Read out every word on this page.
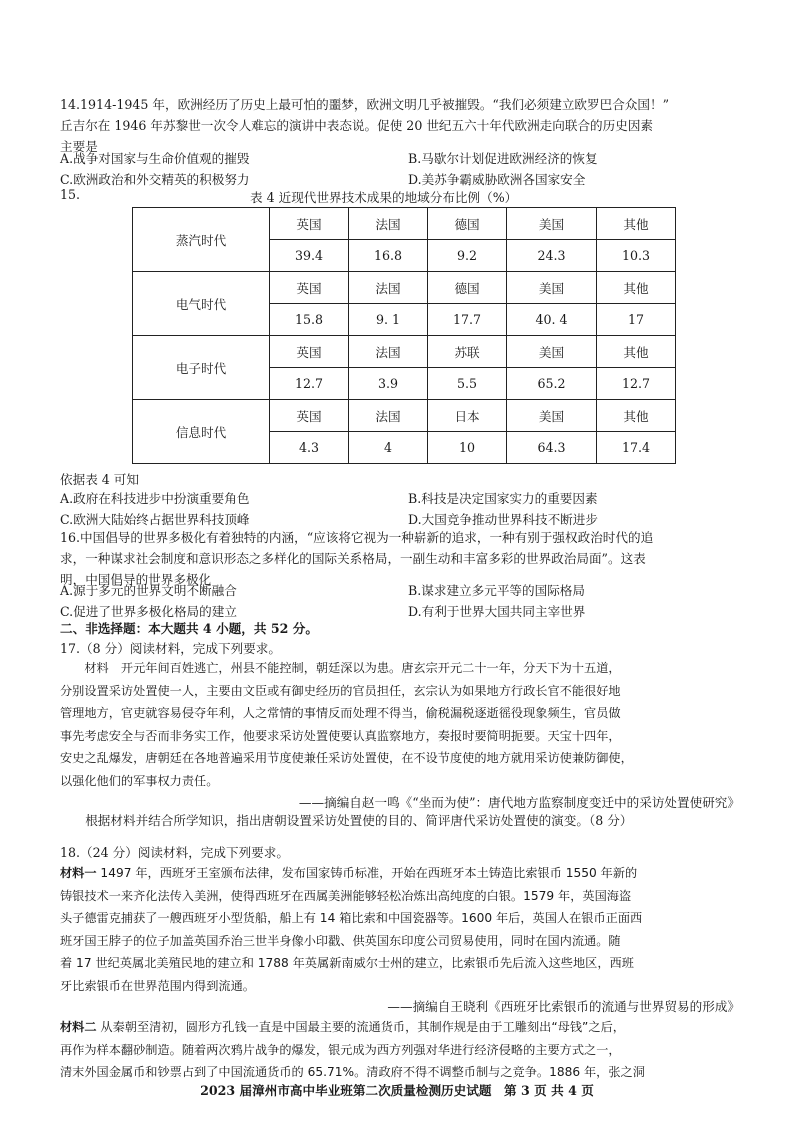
14.1914-1945 年，欧洲经历了历史上最可怕的噩梦，欧洲文明几乎被摧毁。“我们必须建立欧罗巴合众国！”
丘吉尔在 1946 年苏黎世一次令人难忘的演讲中表态说。促使 20 世纪五六十年代欧洲走向联合的历史因素
主要是
A.战争对国家与生命价值观的摧毁	B.马歇尔计划促进欧洲经济的恢复
C.欧洲政治和外交精英的积极努力	D.美苏争霸威胁欧洲各国家安全
15.	表 4 近现代世界技术成果的地域分布比例（%）
蒸汽时代	英国	法国	德国	美国	其他
	39.4	16.8	9.2	24.3	10.3
电气时代	英国	法国	德国	美国	其他
	15.8	9. 1	17.7	40. 4	17
电子时代	英国	法国	苏联	美国	其他
	12.7	3.9	5.5	65.2	12.7
信息时代	英国	法国	日本	美国	其他
	4.3	4	10	64.3	17.4
依据表 4 可知
A.政府在科技进步中扮演重要角色	B.科技是决定国家实力的重要因素
C.欧洲大陆始终占据世界科技顶峰	D.大国竞争推动世界科技不断进步
16.中国倡导的世界多极化有着独特的内涵，“应该将它视为一种崭新的追求，一种有别于强权政治时代的追
求，一种谋求社会制度和意识形态之多样化的国际关系格局，一副生动和丰富多彩的世界政治局面”。这表
明，中国倡导的世界多极化
A.源于多元的世界文明不断融合	B.谋求建立多元平等的国际格局
C.促进了世界多极化格局的建立	D.有利于世界大国共同主宰世界
二、非选择题：本大题共 4 小题，共 52 分。
17.（8 分）阅读材料，完成下列要求。
　　材料　开元年间百姓逃亡，州县不能控制，朝廷深以为患。唐玄宗开元二十一年，分天下为十五道，
分别设置采访处置使一人，主要由文臣或有御史经历的官员担任，玄宗认为如果地方行政长官不能很好地
管理地方，官吏就容易侵夺年利，人之常情的事情反而处理不得当，偷税漏税逐逝徭役现象频生，官员做
事先考虑安全与否而非务实工作，他要求采访处置使要认真监察地方，奏报时要简明扼要。天宝十四年，
安史之乱爆发，唐朝廷在各地普遍采用节度使兼任采访处置使，在不设节度使的地方就用采访使兼防御使，
以强化他们的军事权力责任。
——摘编自赵一鸣《“坐而为使”：唐代地方监察制度变迁中的采访处置使研究》
　　根据材料并结合所学知识，指出唐朝设置采访处置使的目的、简评唐代采访处置使的演变。（8 分）
18.（24 分）阅读材料，完成下列要求。
材料一 1497 年，西班牙王室颁布法律，发布国家铸币标准，开始在西班牙本土铸造比索银币 1550 年新的
铸银技术一来齐化法传入美洲，使得西班牙在西属美洲能够轻松冶炼出高纯度的白银。1579 年，英国海盗
头子德雷克捕获了一艘西班牙小型货船，船上有 14 箱比索和中国瓷器等。1600 年后，英国人在银币正面西
班牙国王脖子的位子加盖英国乔治三世半身像小印戳、供英国东印度公司贸易使用，同时在国内流通。随
着 17 世纪英属北美殖民地的建立和 1788 年英属新南威尔士州的建立，比索银币先后流入这些地区，西班
牙比索银币在世界范围内得到流通。
——摘编自王晓利《西班牙比索银币的流通与世界贸易的形成》
材料二 从秦朝至清初，圆形方孔钱一直是中国最主要的流通货币，其制作规是由于工雕刻出“母钱”之后，
再作为样本翻砂制造。随着两次鸦片战争的爆发，银元成为西方列强对华进行经济侵略的主要方式之一，
清末外国金属币和钞票占到了中国流通货币的 65.71%。清政府不得不调整币制与之竞争。1886 年，张之洞
2023 届漳州市高中毕业班第二次质量检测历史试题　第 3 页 共 4 页
